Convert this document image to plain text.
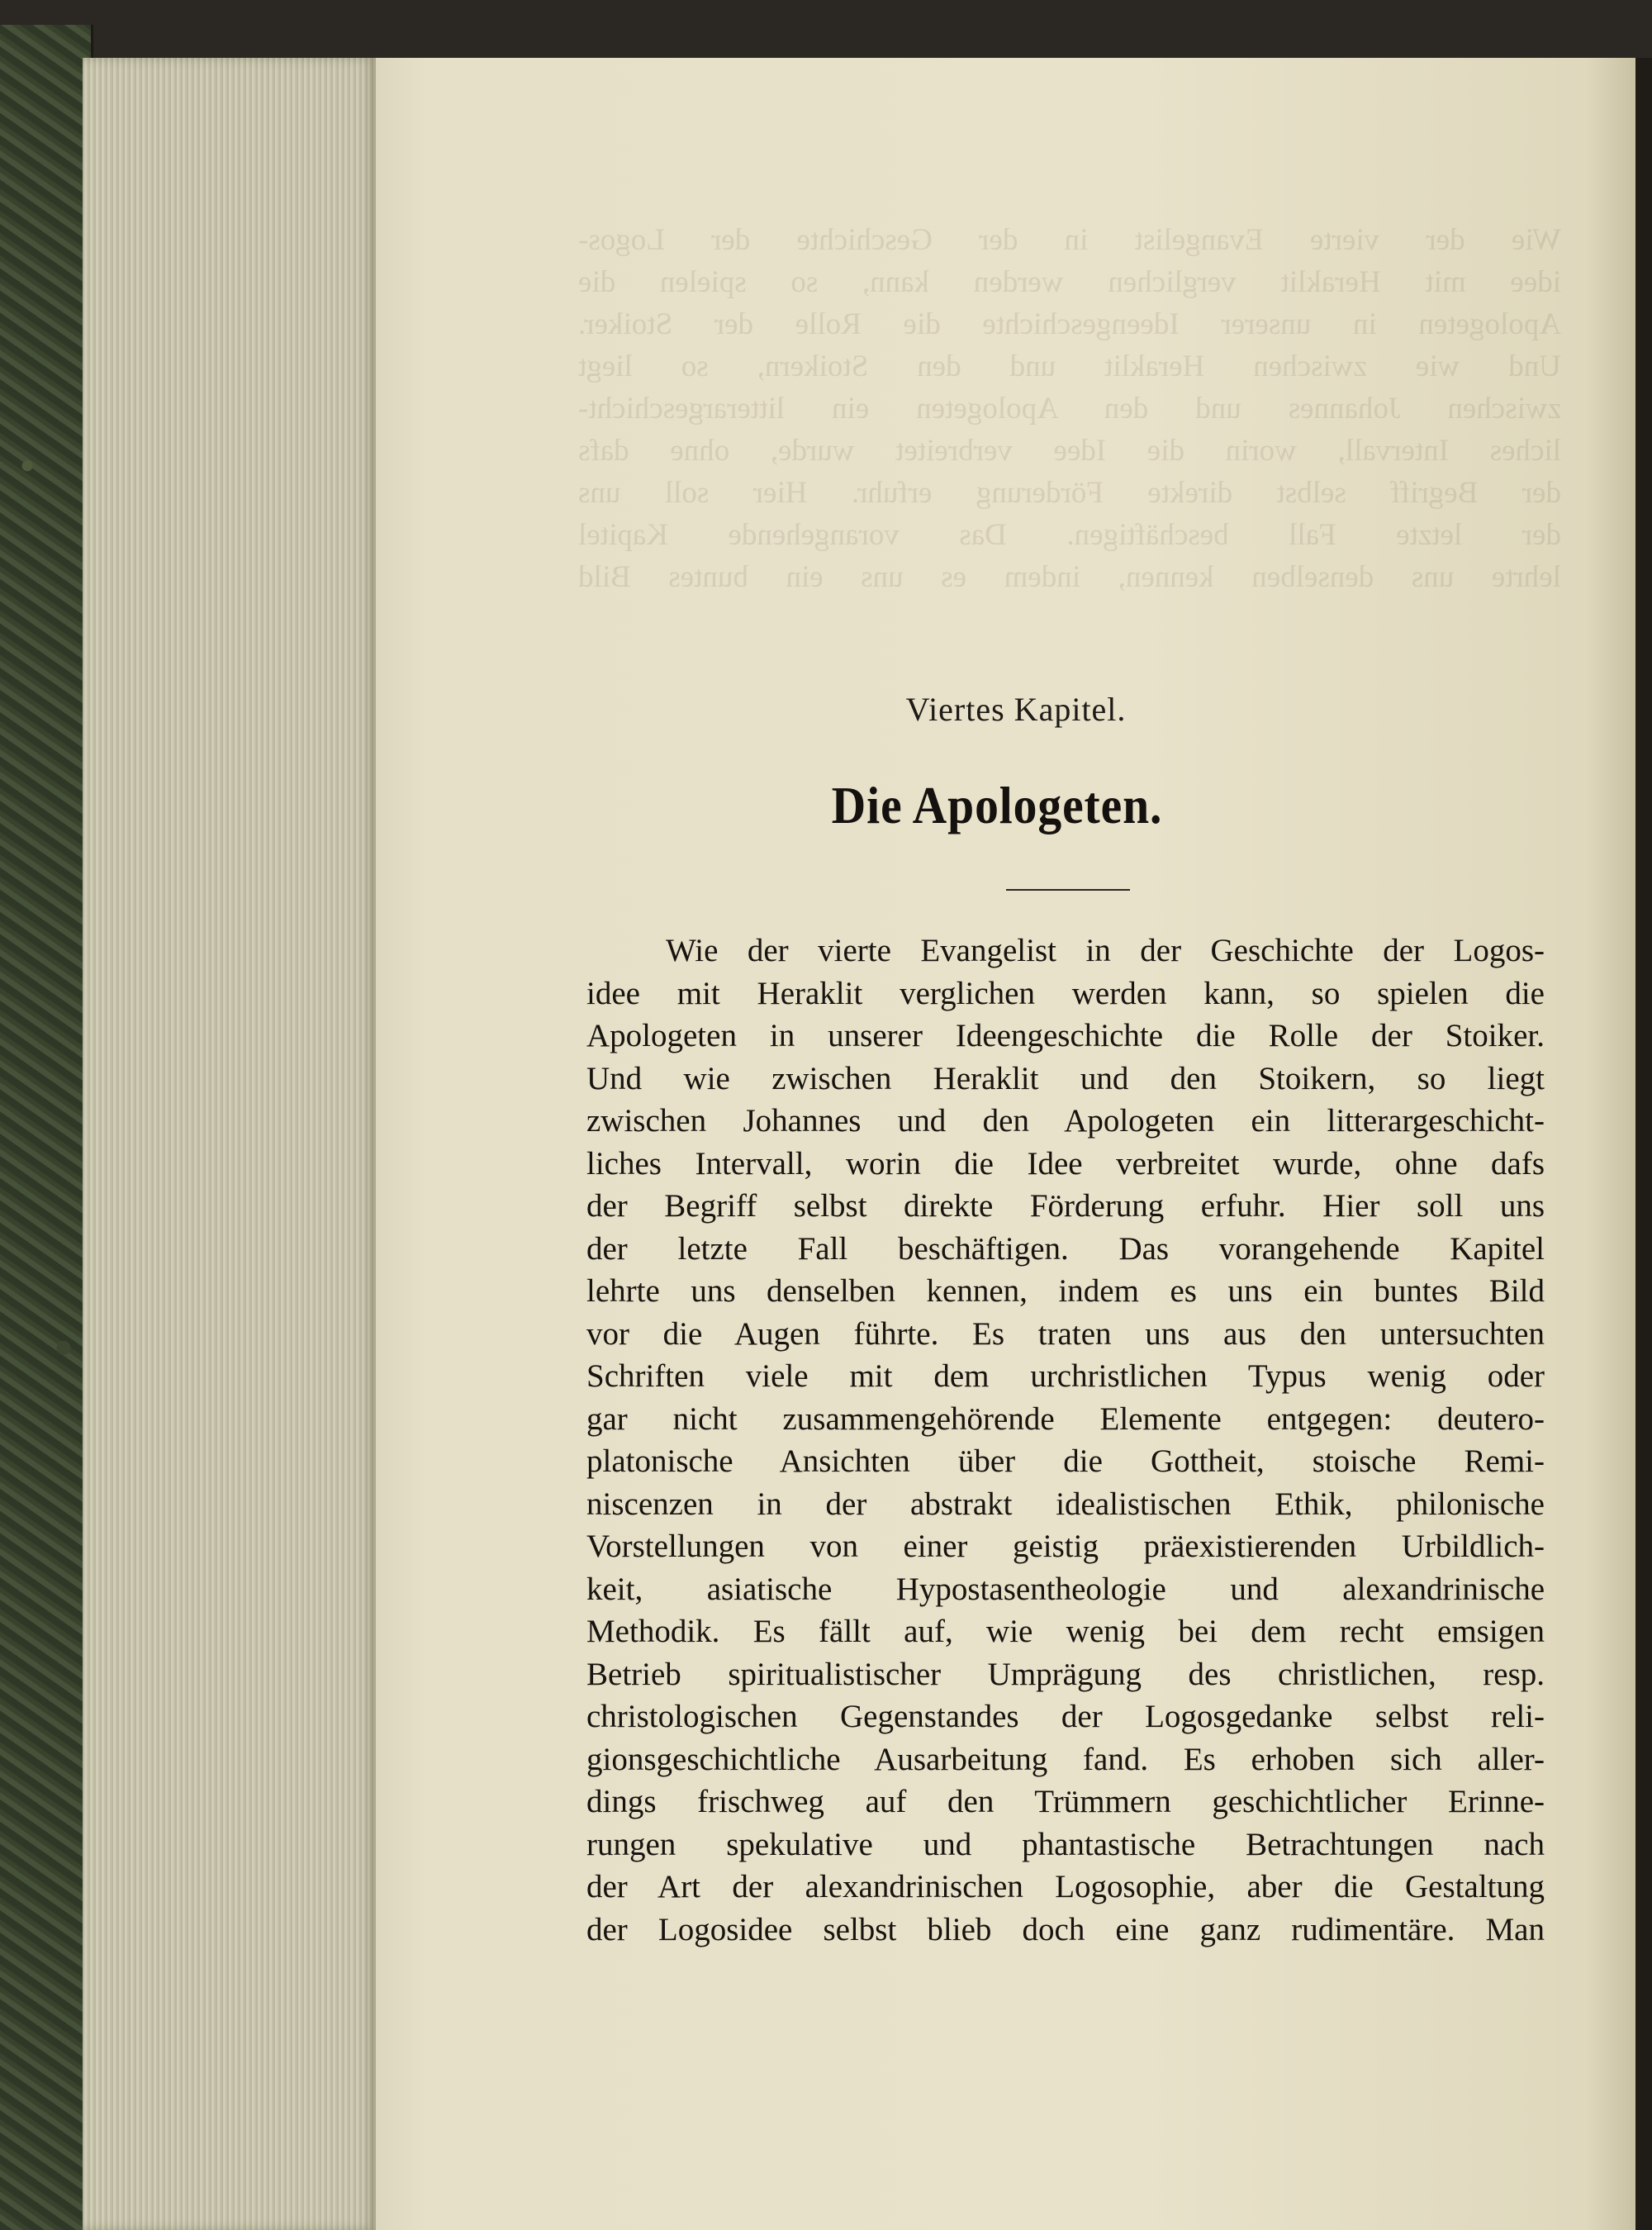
Wie der vierte Evangelist in der Geschichte der Logos-
idee mit Heraklit verglichen werden kann, so spielen die
Apologeten in unserer Ideengeschichte die Rolle der Stoiker.
Und wie zwischen Heraklit und den Stoikern, so liegt
zwischen Johannes und den Apologeten ein litterargeschicht-
liches Intervall, worin die Idee verbreitet wurde, ohne dafs
der Begriff selbst direkte Förderung erfuhr. Hier soll uns
der letzte Fall beschäftigen. Das vorangehende Kapitel
lehrte uns denselben kennen, indem es uns ein buntes Bild
Viertes Kapitel.
Die Apologeten.
Wie der vierte Evangelist in der Geschichte der Logos-
idee mit Heraklit verglichen werden kann, so spielen die
Apologeten in unserer Ideengeschichte die Rolle der Stoiker.
Und wie zwischen Heraklit und den Stoikern, so liegt
zwischen Johannes und den Apologeten ein litterargeschicht-
liches Intervall, worin die Idee verbreitet wurde, ohne dafs
der Begriff selbst direkte Förderung erfuhr. Hier soll uns
der letzte Fall beschäftigen. Das vorangehende Kapitel
lehrte uns denselben kennen, indem es uns ein buntes Bild
vor die Augen führte. Es traten uns aus den untersuchten
Schriften viele mit dem urchristlichen Typus wenig oder
gar nicht zusammengehörende Elemente entgegen: deutero-
platonische Ansichten über die Gottheit, stoische Remi-
niscenzen in der abstrakt idealistischen Ethik, philonische
Vorstellungen von einer geistig präexistierenden Urbildlich-
keit, asiatische Hypostasentheologie und alexandrinische
Methodik. Es fällt auf, wie wenig bei dem recht emsigen
Betrieb spiritualistischer Umprägung des christlichen, resp.
christologischen Gegenstandes der Logosgedanke selbst reli-
gionsgeschichtliche Ausarbeitung fand. Es erhoben sich aller-
dings frischweg auf den Trümmern geschichtlicher Erinne-
rungen spekulative und phantastische Betrachtungen nach
der Art der alexandrinischen Logosophie, aber die Gestaltung
der Logosidee selbst blieb doch eine ganz rudimentäre. Man
